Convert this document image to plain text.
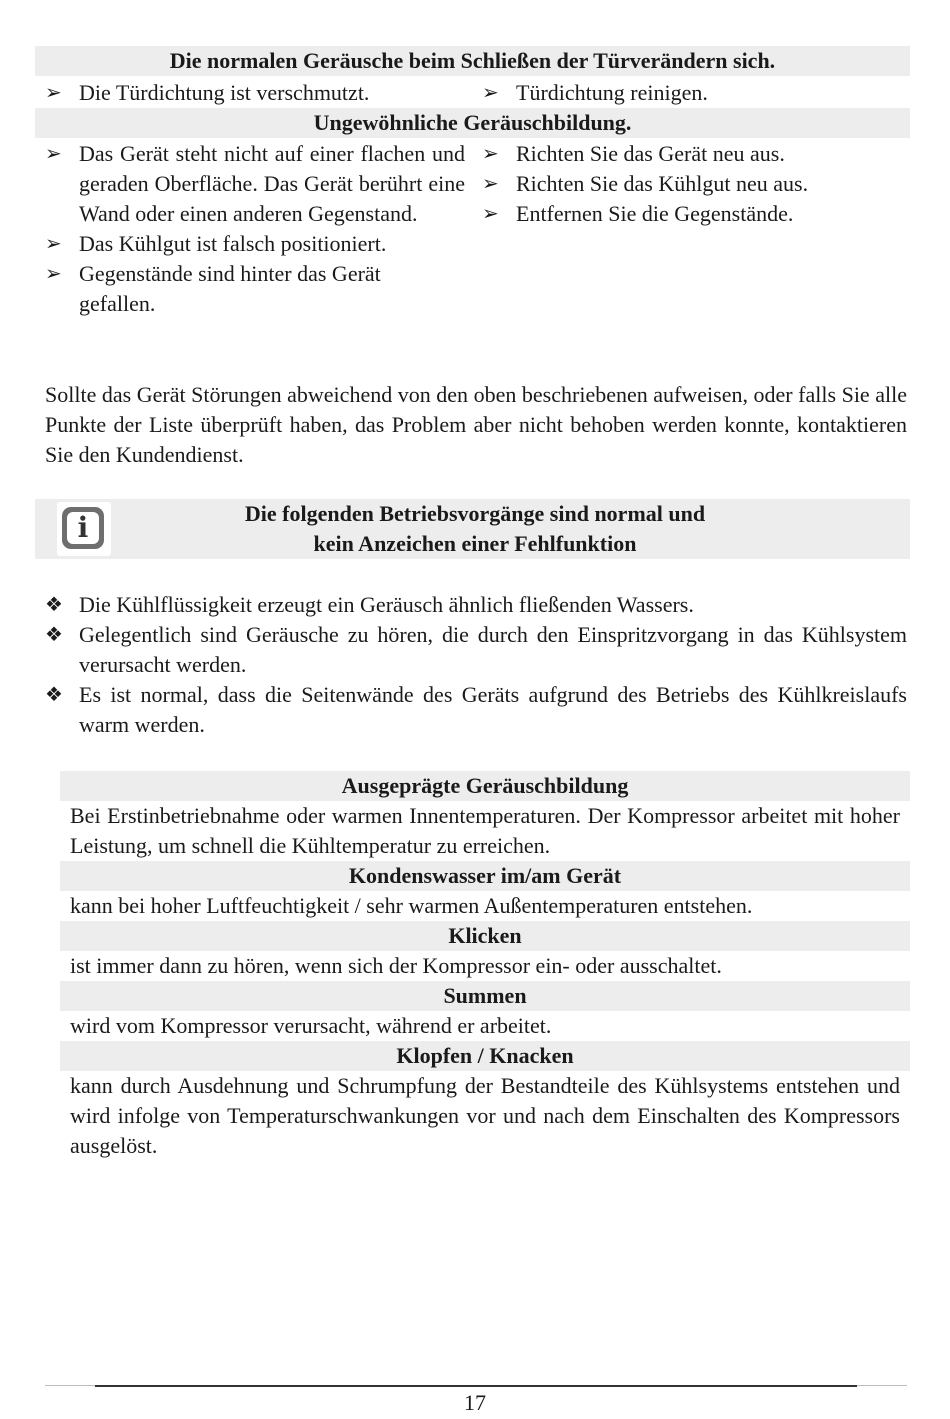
Die normalen Geräusche beim Schließen der Türverändern sich.
➢ Die Türdichtung ist verschmutzt.	➢ Türdichtung reinigen.
Ungewöhnliche Geräuschbildung.
➢ Das Gerät steht nicht auf einer flachen und geraden Oberfläche. Das Gerät berührt eine Wand oder einen anderen Gegenstand.
➢ Das Kühlgut ist falsch positioniert.
➢ Gegenstände sind hinter das Gerät gefallen.
➢ Richten Sie das Gerät neu aus.
➢ Richten Sie das Kühlgut neu aus.
➢ Entfernen Sie die Gegenstände.
Sollte das Gerät Störungen abweichend von den oben beschriebenen aufweisen, oder falls Sie alle Punkte der Liste überprüft haben, das Problem aber nicht behoben werden konnte, kontaktieren Sie den Kundendienst.
i	Die folgenden Betriebsvorgänge sind normal und
kein Anzeichen einer Fehlfunktion
❖ Die Kühlflüssigkeit erzeugt ein Geräusch ähnlich fließenden Wassers.
❖ Gelegentlich sind Geräusche zu hören, die durch den Einspritzvorgang in das Kühlsystem verursacht werden.
❖ Es ist normal, dass die Seitenwände des Geräts aufgrund des Betriebs des Kühlkreislaufs warm werden.
Ausgeprägte Geräuschbildung
Bei Erstinbetriebnahme oder warmen Innentemperaturen. Der Kompressor arbeitet mit hoher Leistung, um schnell die Kühltemperatur zu erreichen.
Kondenswasser im/am Gerät
kann bei hoher Luftfeuchtigkeit / sehr warmen Außentemperaturen entstehen.
Klicken
ist immer dann zu hören, wenn sich der Kompressor ein- oder ausschaltet.
Summen
wird vom Kompressor verursacht, während er arbeitet.
Klopfen / Knacken
kann durch Ausdehnung und Schrumpfung der Bestandteile des Kühlsystems entstehen und wird infolge von Temperaturschwankungen vor und nach dem Einschalten des Kompressors ausgelöst.
17
